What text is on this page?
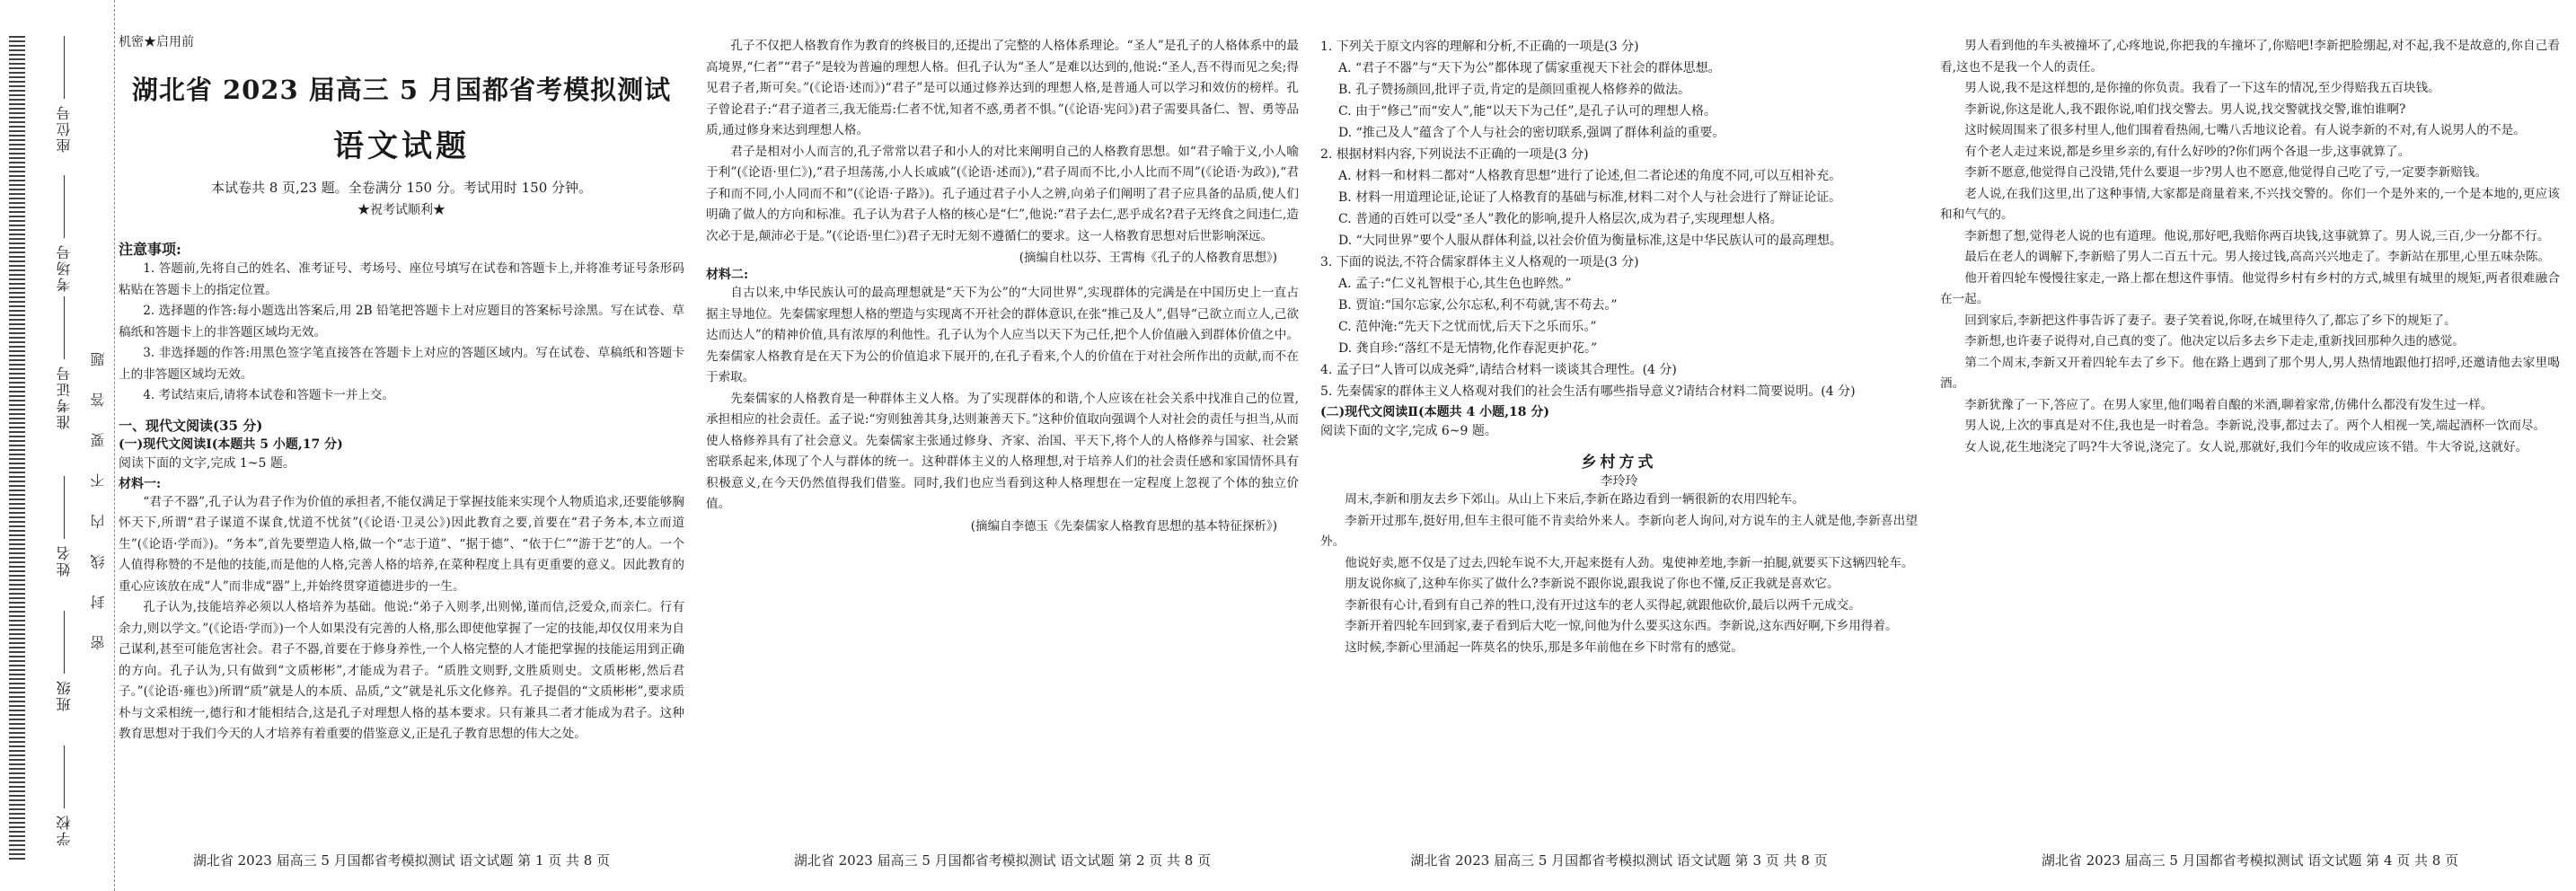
座位号
考场号
准考证号
姓名
班级
学校
密 封 线 内 不 要 答 题
机密★启用前
湖北省 2023 届高三 5 月国都省考模拟测试
语文试题
本试卷共 8 页,23 题。全卷满分 150 分。考试用时 150 分钟。
★祝考试顺利★
注意事项:

1. 答题前,先将自己的姓名、准考证号、考场号、座位号填写在试卷和答题卡上,并将准考证号条形码粘贴在答题卡上的指定位置。

2. 选择题的作答:每小题选出答案后,用 2B 铅笔把答题卡上对应题目的答案标号涂黑。写在试卷、草稿纸和答题卡上的非答题区域均无效。

3. 非选择题的作答:用黑色签字笔直接答在答题卡上对应的答题区域内。写在试卷、草稿纸和答题卡上的非答题区域均无效。

4. 考试结束后,请将本试卷和答题卡一并上交。

一、现代文阅读(35 分)
(一)现代文阅读Ⅰ(本题共 5 小题,17 分)
阅读下面的文字,完成 1~5 题。
材料一:

“君子不器”,孔子认为君子作为价值的承担者,不能仅满足于掌握技能来实现个人物质追求,还要能够胸怀天下,所谓“君子谋道不谋食,忧道不忧贫”(《论语·卫灵公》)因此教育之要,首要在“君子务本,本立而道生”(《论语·学而》)。“务本”,首先要塑造人格,做一个“志于道”、“据于德”、“依于仁”“游于艺”的人。一个人值得称赞的不是他的技能,而是他的人格,完善人格的培养,在菜种程度上具有更重要的意义。因此教育的重心应该放在成“人”而非成“器”上,并始终贯穿道德进步的一生。

孔子认为,技能培养必须以人格培养为基础。他说:“弟子入则孝,出则悌,谨而信,泛爱众,而亲仁。行有余力,则以学文。”(《论语·学而》)一个人如果没有完善的人格,那么即使他掌握了一定的技能,却仅仅用来为自己谋利,甚至可能危害社会。君子不器,首要在于修身养性,一个人格完整的人才能把掌握的技能运用到正确的方向。孔子认为,只有做到“文质彬彬”,才能成为君子。“质胜文则野,文胜质则史。文质彬彬,然后君子。”(《论语·雍也》)所谓“质”就是人的本质、品质,“文”就是礼乐文化修养。孔子提倡的“文质彬彬”,要求质朴与文采相统一,德行和才能相结合,这是孔子对理想人格的基本要求。只有兼具二者才能成为君子。这种教育思想对于我们今天的人才培养有着重要的借鉴意义,正是孔子教育思想的伟大之处。

湖北省 2023 届高三 5 月国都省考模拟测试 语文试题 第 1 页 共 8 页

孔子不仅把人格教育作为教育的终极目的,还提出了完整的人格体系理论。“圣人”是孔子的人格体系中的最高境界,“仁者”“君子”是较为普遍的理想人格。但孔子认为“圣人”是难以达到的,他说:“圣人,吾不得而见之矣;得见君子者,斯可矣。”(《论语·述而》)“君子”是可以通过修养达到的理想人格,是普通人可以学习和效仿的榜样。孔子曾论君子:“君子道者三,我无能焉:仁者不忧,知者不惑,勇者不惧。”(《论语·宪问》)君子需要具备仁、智、勇等品质,通过修身来达到理想人格。

君子是相对小人而言的,孔子常常以君子和小人的对比来阐明自己的人格教育思想。如“君子喻于义,小人喻于利”(《论语·里仁》),“君子坦荡荡,小人长戚戚”(《论语·述而》),“君子周而不比,小人比而不周”(《论语·为政》),“君子和而不同,小人同而不和”(《论语·子路》)。孔子通过君子小人之辨,向弟子们阐明了君子应具备的品质,使人们明确了做人的方向和标准。孔子认为君子人格的核心是“仁”,他说:“君子去仁,恶乎成名?君子无终食之间违仁,造次必于是,颠沛必于是。”(《论语·里仁》)君子无时无刻不遵循仁的要求。这一人格教育思想对后世影响深远。

(摘编自杜以芬、王霄梅《孔子的人格教育思想》)
材料二:

自古以来,中华民族认可的最高理想就是“天下为公”的“大同世界”,实现群体的完满是在中国历史上一直占据主导地位。先秦儒家理想人格的塑造与实现离不开社会的群体意识,在张“推己及人”,倡导“己欲立而立人,己欲达而达人”的精神价值,具有浓厚的利他性。孔子认为个人应当以天下为己任,把个人价值融入到群体价值之中。先秦儒家人格教育是在天下为公的价值追求下展开的,在孔子看来,个人的价值在于对社会所作出的贡献,而不在于索取。

先秦儒家的人格教育是一种群体主义人格。为了实现群体的和谐,个人应该在社会关系中找准自己的位置,承担相应的社会责任。孟子说:“穷则独善其身,达则兼善天下。”这种价值取向强调个人对社会的责任与担当,从而使人格修养具有了社会意义。先秦儒家主张通过修身、齐家、治国、平天下,将个人的人格修养与国家、社会紧密联系起来,体现了个人与群体的统一。这种群体主义的人格理想,对于培养人们的社会责任感和家国情怀具有积极意义,在今天仍然值得我们借鉴。同时,我们也应当看到这种人格理想在一定程度上忽视了个体的独立价值。

(摘编自李德玉《先秦儒家人格教育思想的基本特征探析》)
湖北省 2023 届高三 5 月国都省考模拟测试 语文试题 第 2 页 共 8 页
1. 下列关于原文内容的理解和分析,不正确的一项是(3 分)
A. “君子不器”与“天下为公”都体现了儒家重视天下社会的群体思想。
B. 孔子赞扬颜回,批评子贡,肯定的是颜回重视人格修养的做法。
C. 由于“修己”而“安人”,能“以天下为己任”,是孔子认可的理想人格。
D. “推己及人”蕴含了个人与社会的密切联系,强调了群体利益的重要。
2. 根据材料内容,下列说法不正确的一项是(3 分)
A. 材料一和材料二都对“人格教育思想”进行了论述,但二者论述的角度不同,可以互相补充。
B. 材料一用道理论证,论证了人格教育的基础与标准,材料二对个人与社会进行了辩证论证。
C. 普通的百姓可以受“圣人”教化的影响,提升人格层次,成为君子,实现理想人格。
D. “大同世界”要个人服从群体利益,以社会价值为衡量标准,这是中华民族认可的最高理想。
3. 下面的说法,不符合儒家群体主义人格观的一项是(3 分)
A. 孟子:“仁义礼智根于心,其生色也睟然。”
B. 贾谊:“国尔忘家,公尔忘私,利不苟就,害不苟去。”
C. 范仲淹:“先天下之忧而忧,后天下之乐而乐。”
D. 龚自珍:“落红不是无情物,化作春泥更护花。”
4. 孟子曰“人皆可以成尧舜”,请结合材料一谈谈其合理性。(4 分)
5. 先秦儒家的群体主义人格观对我们的社会生活有哪些指导意义?请结合材料二简要说明。(4 分)
(二)现代文阅读Ⅱ(本题共 4 小题,18 分)
阅读下面的文字,完成 6~9 题。
乡村方式
李玲玲

周末,李新和朋友去乡下郊山。从山上下来后,李新在路边看到一辆很新的农用四轮车。

李新开过那车,挺好用,但车主很可能不肯卖给外来人。李新向老人询问,对方说车的主人就是他,李新喜出望外。

他说好卖,愿不仅是了过去,四轮车说不大,开起来挺有人劲。鬼使神差地,李新一拍腿,就要买下这辆四轮车。

朋友说你疯了,这种车你买了做什么?李新说不跟你说,跟我说了你也不懂,反正我就是喜欢它。

李新很有心计,看到有自己养的牲口,没有开过这车的老人买得起,就跟他砍价,最后以两千元成交。

李新开着四轮车回到家,妻子看到后大吃一惊,问他为什么要买这东西。李新说,这东西好啊,下乡用得着。

这时候,李新心里涌起一阵莫名的快乐,那是多年前他在乡下时常有的感觉。

湖北省 2023 届高三 5 月国都省考模拟测试 语文试题 第 3 页 共 8 页

男人看到他的车头被撞坏了,心疼地说,你把我的车撞坏了,你赔吧!李新把脸绷起,对不起,我不是故意的,你自己看看,这也不是我一个人的责任。

男人说,我不是这样想的,是你撞的你负责。我看了一下这车的情况,至少得赔我五百块钱。

李新说,你这是讹人,我不跟你说,咱们找交警去。男人说,找交警就找交警,谁怕谁啊?

这时候周围来了很多村里人,他们围着看热闹,七嘴八舌地议论着。有人说李新的不对,有人说男人的不是。

有个老人走过来说,都是乡里乡亲的,有什么好吵的?你们两个各退一步,这事就算了。

李新不愿意,他觉得自己没错,凭什么要退一步?男人也不愿意,他觉得自己吃了亏,一定要李新赔钱。

老人说,在我们这里,出了这种事情,大家都是商量着来,不兴找交警的。你们一个是外来的,一个是本地的,更应该和和气气的。

李新想了想,觉得老人说的也有道理。他说,那好吧,我赔你两百块钱,这事就算了。男人说,三百,少一分都不行。

最后在老人的调解下,李新赔了男人二百五十元。男人接过钱,高高兴兴地走了。李新站在那里,心里五味杂陈。

他开着四轮车慢慢往家走,一路上都在想这件事情。他觉得乡村有乡村的方式,城里有城里的规矩,两者很难融合在一起。

回到家后,李新把这件事告诉了妻子。妻子笑着说,你呀,在城里待久了,都忘了乡下的规矩了。

李新想,也许妻子说得对,自己真的变了。他决定以后多去乡下走走,重新找回那种久违的感觉。

第二个周末,李新又开着四轮车去了乡下。他在路上遇到了那个男人,男人热情地跟他打招呼,还邀请他去家里喝酒。

李新犹豫了一下,答应了。在男人家里,他们喝着自酿的米酒,聊着家常,仿佛什么都没有发生过一样。

男人说,上次的事真是对不住,我也是一时着急。李新说,没事,都过去了。两个人相视一笑,端起酒杯一饮而尽。

女人说,花生地浇完了吗?牛大爷说,浇完了。女人说,那就好,我们今年的收成应该不错。牛大爷说,这就好。

湖北省 2023 届高三 5 月国都省考模拟测试 语文试题 第 4 页 共 8 页
